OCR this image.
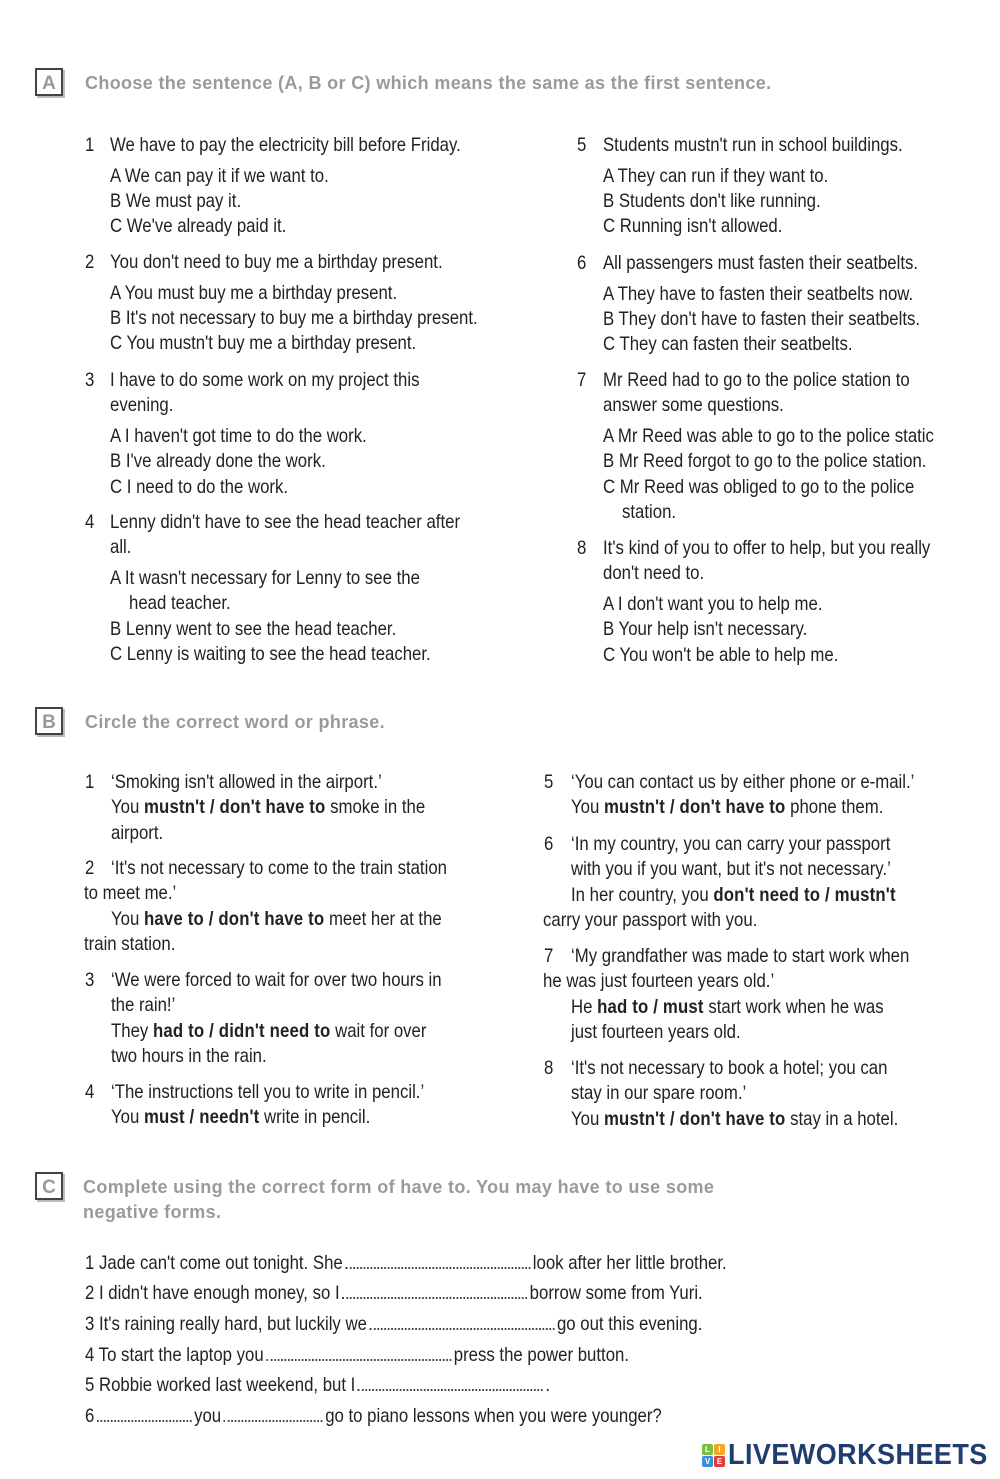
A	Choose the sentence (A, B or C) which means the same as the first sentence.
1 We have to pay the electricity bill before Friday.
A We can pay it if we want to.
B We must pay it.
C We've already paid it.
2 You don't need to buy me a birthday present.
A You must buy me a birthday present.
B It's not necessary to buy me a birthday present.
C You mustn't buy me a birthday present.
3 I have to do some work on my project this
evening.
A I haven't got time to do the work.
B I've already done the work.
C I need to do the work.
4 Lenny didn't have to see the head teacher after
all.
A It wasn't necessary for Lenny to see the
head teacher.
B Lenny went to see the head teacher.
C Lenny is waiting to see the head teacher.
5 Students mustn't run in school buildings.
A They can run if they want to.
B Students don't like running.
C Running isn't allowed.
6 All passengers must fasten their seatbelts.
A They have to fasten their seatbelts now.
B They don't have to fasten their seatbelts.
C They can fasten their seatbelts.
7 Mr Reed had to go to the police station to
answer some questions.
A Mr Reed was able to go to the police static
B Mr Reed forgot to go to the police station.
C Mr Reed was obliged to go to the police
station.
8 It's kind of you to offer to help, but you really
don't need to.
A I don't want you to help me.
B Your help isn't necessary.
C You won't be able to help me.
B	Circle the correct word or phrase.
1 ‘Smoking isn't allowed in the airport.’
You mustn't / don't have to smoke in the
airport.
2 ‘It's not necessary to come to the train station
to meet me.’
You have to / don't have to meet her at the
train station.
3 ‘We were forced to wait for over two hours in
the rain!’
They had to / didn't need to wait for over
two hours in the rain.
4 ‘The instructions tell you to write in pencil.’
You must / needn't write in pencil.
5 ‘You can contact us by either phone or e-mail.’
You mustn't / don't have to phone them.
6 ‘In my country, you can carry your passport
with you if you want, but it's not necessary.’
In her country, you don't need to / mustn't
carry your passport with you.
7 ‘My grandfather was made to start work when
he was just fourteen years old.’
He had to / must start work when he was
just fourteen years old.
8 ‘It's not necessary to book a hotel; you can
stay in our spare room.’
You mustn't / don't have to stay in a hotel.
C	Complete using the correct form of have to. You may have to use some
negative forms.
1 Jade can't come out tonight. She	look after her little brother.
2 I didn't have enough money, so I	borrow some from Yuri.
3 It's raining really hard, but luckily we	go out this evening.
4 To start the laptop you	press the power button.
5 Robbie worked last weekend, but I	.
6	you	go to piano lessons when you were younger?
L	I
V E LIVEWORKSHEETS
